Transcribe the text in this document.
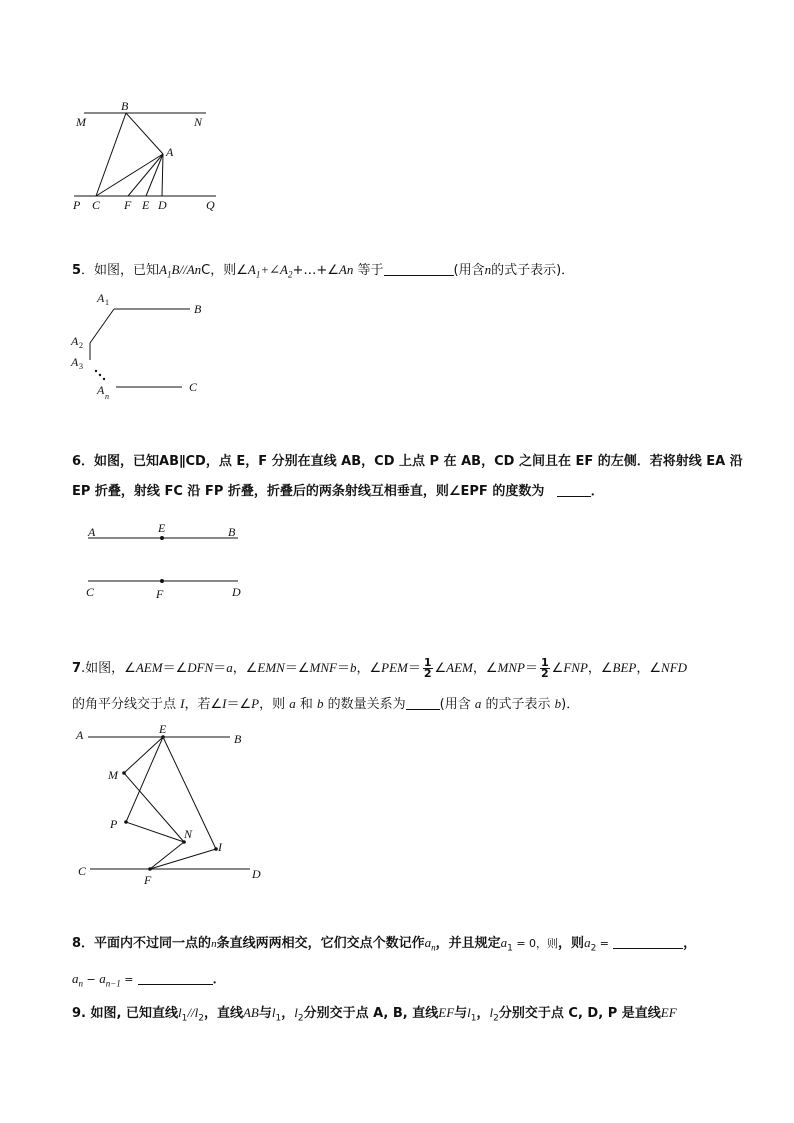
B
M	N
A
P C F E D	Q
5．如图，已知$A_1B/$/AnC，则$\angle A_1+\angle A_2+\dots+\angle An$ 等于	(用含n的式子表示)．
A 1	B
A 2
A 3
A n
C
6．如图，已知AB∥CD，点 E，F 分别在直线 AB，CD 上点 P 在 AB，CD 之间且在 EF 的左侧．若将射线 EA 沿
EP 折叠，射线 FC 沿 FP 折叠，折叠后的两条射线互相垂直，则∠EPF 的度数为	．
A	E	B
C	F	D
7.如图，∠AEM＝∠DFN＝a，∠EMN＝∠MNF＝b，∠PEM＝ $\frac{1}{2}$ ∠AEM，∠MNP＝ $\frac{1}{2}$ ∠FNP，∠BEP，∠NFD
的角平分线交于点 I，若∠I＝∠P，则 a 和 b 的数量关系为	(用含 a 的式子表示 b)．
A	E
B
M
P
N
I
C
F	D
8．平面内不过同一点的n条直线两两相交，它们交点个数记作$a_n$，并且规定$a_1 = 0$，则，则$a_2$ =	，
$a_n - a_{n-1}$ =	．
9. 如图, 已知直线$l_1//l_2$，直线AB与$l_1$，$l_2$分别交于点 A, B, 直线EF与$l_1$，$l_2$分别交于点 C, D, P 是直线EF
